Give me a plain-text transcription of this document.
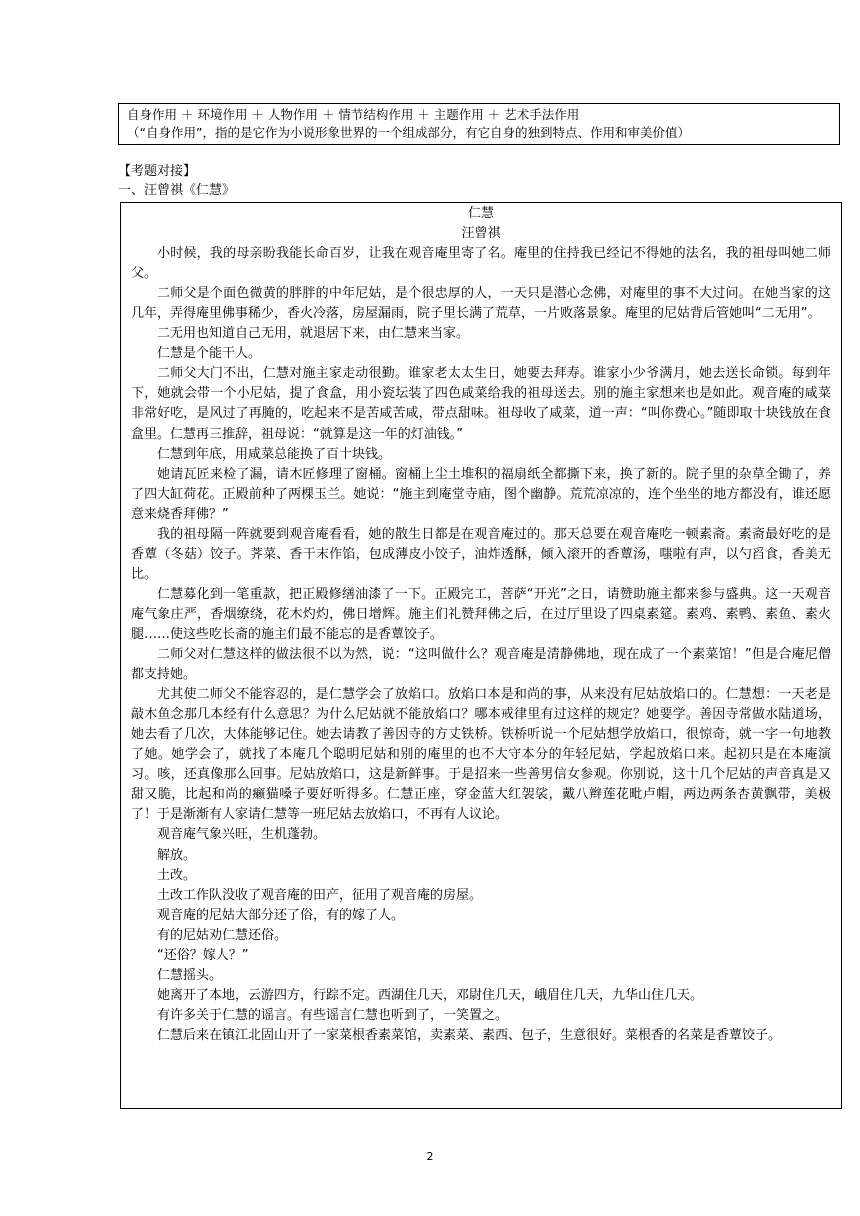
自身作用 ＋ 环境作用 ＋ 人物作用 ＋ 情节结构作用 ＋ 主题作用 ＋ 艺术手法作用
（“自身作用”，指的是它作为小说形象世界的一个组成部分，有它自身的独到特点、作用和审美价值）
【考题对接】
一、汪曾祺《仁慧》
仁慧
汪曾祺

小时候，我的母亲盼我能长命百岁，让我在观音庵里寄了名。庵里的住持我已经记不得她的法名，我的祖母叫她二师父。

二师父是个面色微黄的胖胖的中年尼姑，是个很忠厚的人，一天只是潜心念佛，对庵里的事不大过问。在她当家的这几年，弄得庵里佛事稀少，香火冷落，房屋漏雨，院子里长满了荒草，一片败落景象。庵里的尼姑背后管她叫“二无用”。

二无用也知道自己无用，就退居下来，由仁慧来当家。

仁慧是个能干人。

二师父大门不出，仁慧对施主家走动很勤。谁家老太太生日，她要去拜寿。谁家小少爷满月，她去送长命锁。每到年下，她就会带一个小尼姑，提了食盒，用小瓷坛装了四色咸菜给我的祖母送去。别的施主家想来也是如此。观音庵的咸菜非常好吃，是风过了再腌的，吃起来不是苦咸苦咸，带点甜味。祖母收了咸菜，道一声：“叫你费心。”随即取十块钱放在食盒里。仁慧再三推辞，祖母说：“就算是这一年的灯油钱。”

仁慧到年底，用咸菜总能换了百十块钱。

她请瓦匠来检了漏，请木匠修理了窗桶。窗桶上尘土堆积的福扇纸全都撕下来，换了新的。院子里的杂草全锄了，养了四大缸荷花。正殿前种了两棵玉兰。她说：“施主到庵堂寺庙，图个幽静。荒荒凉凉的，连个坐坐的地方都没有，谁还愿意来烧香拜佛？”

我的祖母隔一阵就要到观音庵看看，她的散生日都是在观音庵过的。那天总要在观音庵吃一顿素斋。素斋最好吃的是香蕈（冬菇）饺子。荠菜、香干末作馅，包成薄皮小饺子，油炸透酥，倾入滚开的香蕈汤，嗤啦有声，以勺舀食，香美无比。

仁慧募化到一笔重款，把正殿修缮油漆了一下。正殿完工，菩萨“开光”之日，请赞助施主都来参与盛典。这一天观音庵气象庄严，香烟缭绕，花木灼灼，佛日增辉。施主们礼赞拜佛之后，在过厅里设了四桌素筵。素鸡、素鸭、素鱼、素火腿……使这些吃长斋的施主们最不能忘的是香蕈饺子。

二师父对仁慧这样的做法很不以为然，说：“这叫做什么？观音庵是清静佛地，现在成了一个素菜馆！”但是合庵尼僧都支持她。

尤其使二师父不能容忍的，是仁慧学会了放焰口。放焰口本是和尚的事，从来没有尼姑放焰口的。仁慧想：一天老是敲木鱼念那几本经有什么意思？为什么尼姑就不能放焰口？哪本戒律里有过这样的规定？她要学。善因寺常做水陆道场，她去看了几次，大体能够记住。她去请教了善因寺的方丈铁桥。铁桥听说一个尼姑想学放焰口，很惊奇，就一字一句地教了她。她学会了，就找了本庵几个聪明尼姑和别的庵里的也不大守本分的年轻尼姑，学起放焰口来。起初只是在本庵演习。咳，还真像那么回事。尼姑放焰口，这是新鲜事。于是招来一些善男信女参观。你别说，这十几个尼姑的声音真是又甜又脆，比起和尚的癞猫嗓子要好听得多。仁慧正座，穿金蓝大红袈裟，戴八辫莲花毗卢帽，两边两条杏黄飘带，美极了！于是渐渐有人家请仁慧等一班尼姑去放焰口，不再有人议论。

观音庵气象兴旺，生机蓬勃。

解放。

土改。

土改工作队没收了观音庵的田产，征用了观音庵的房屋。

观音庵的尼姑大部分还了俗，有的嫁了人。

有的尼姑劝仁慧还俗。

“还俗？嫁人？”

仁慧摇头。

她离开了本地，云游四方，行踪不定。西湖住几天，邓尉住几天，峨眉住几天，九华山住几天。

有许多关于仁慧的谣言。有些谣言仁慧也听到了，一笑置之。

仁慧后来在镇江北固山开了一家菜根香素菜馆，卖素菜、素西、包子，生意很好。菜根香的名菜是香蕈饺子。

2
